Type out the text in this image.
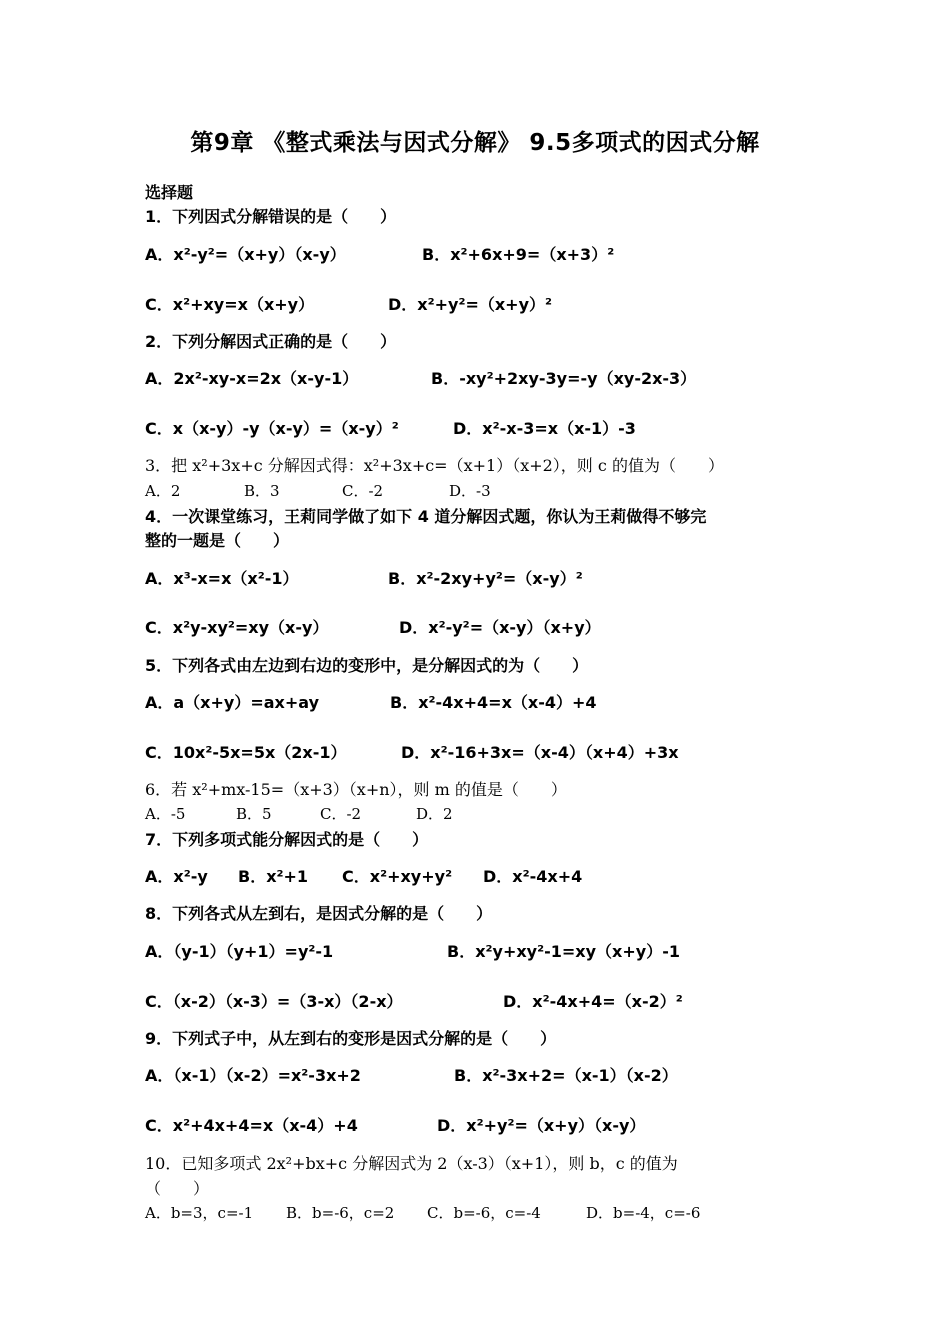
第9章 《整式乘法与因式分解》 9.5多项式的因式分解
选择题
1．下列因式分解错误的是（　　）
A．x²-y²=（x+y）（x-y）	B．x²+6x+9=（x+3）²
C．x²+xy=x（x+y）	D．x²+y²=（x+y）²
2．下列分解因式正确的是（　　）
A．2x²-xy-x=2x（x-y-1）	B．-xy²+2xy-3y=-y（xy-2x-3）
C．x（x-y）-y（x-y）=（x-y）²	D．x²-x-3=x（x-1）-3
3．把 x²+3x+c 分解因式得：x²+3x+c=（x+1）（x+2），则 c 的值为（　　）
A．2	B．3	C．-2	D．-3
4．一次课堂练习，王莉同学做了如下 4 道分解因式题，你认为王莉做得不够完
整的一题是（　　）
A．x³-x=x（x²-1）	B．x²-2xy+y²=（x-y）²
C．x²y-xy²=xy（x-y）	D．x²-y²=（x-y）（x+y）
5．下列各式由左边到右边的变形中，是分解因式的为（　　）
A．a（x+y）=ax+ay	B．x²-4x+4=x（x-4）+4
C．10x²-5x=5x（2x-1）	D．x²-16+3x=（x-4）（x+4）+3x
6．若 x²+mx-15=（x+3）（x+n），则 m 的值是（　　）
A．-5	B．5	C．-2	D．2
7．下列多项式能分解因式的是（　　）
A．x²-y B．x²+1 C．x²+xy+y² D．x²-4x+4
8．下列各式从左到右，是因式分解的是（　　）
A．（y-1）（y+1）=y²-1	B．x²y+xy²-1=xy（x+y）-1
C．（x-2）（x-3）=（3-x）（2-x）	D．x²-4x+4=（x-2）²
9．下列式子中，从左到右的变形是因式分解的是（　　）
A．（x-1）（x-2）=x²-3x+2	B．x²-3x+2=（x-1）（x-2）
C．x²+4x+4=x（x-4）+4	D．x²+y²=（x+y）（x-y）
10．已知多项式 2x²+bx+c 分解因式为 2（x-3）（x+1），则 b，c 的值为
（　　）
A．b=3，c=-1 B．b=-6，c=2 C．b=-6，c=-4	D．b=-4，c=-6
